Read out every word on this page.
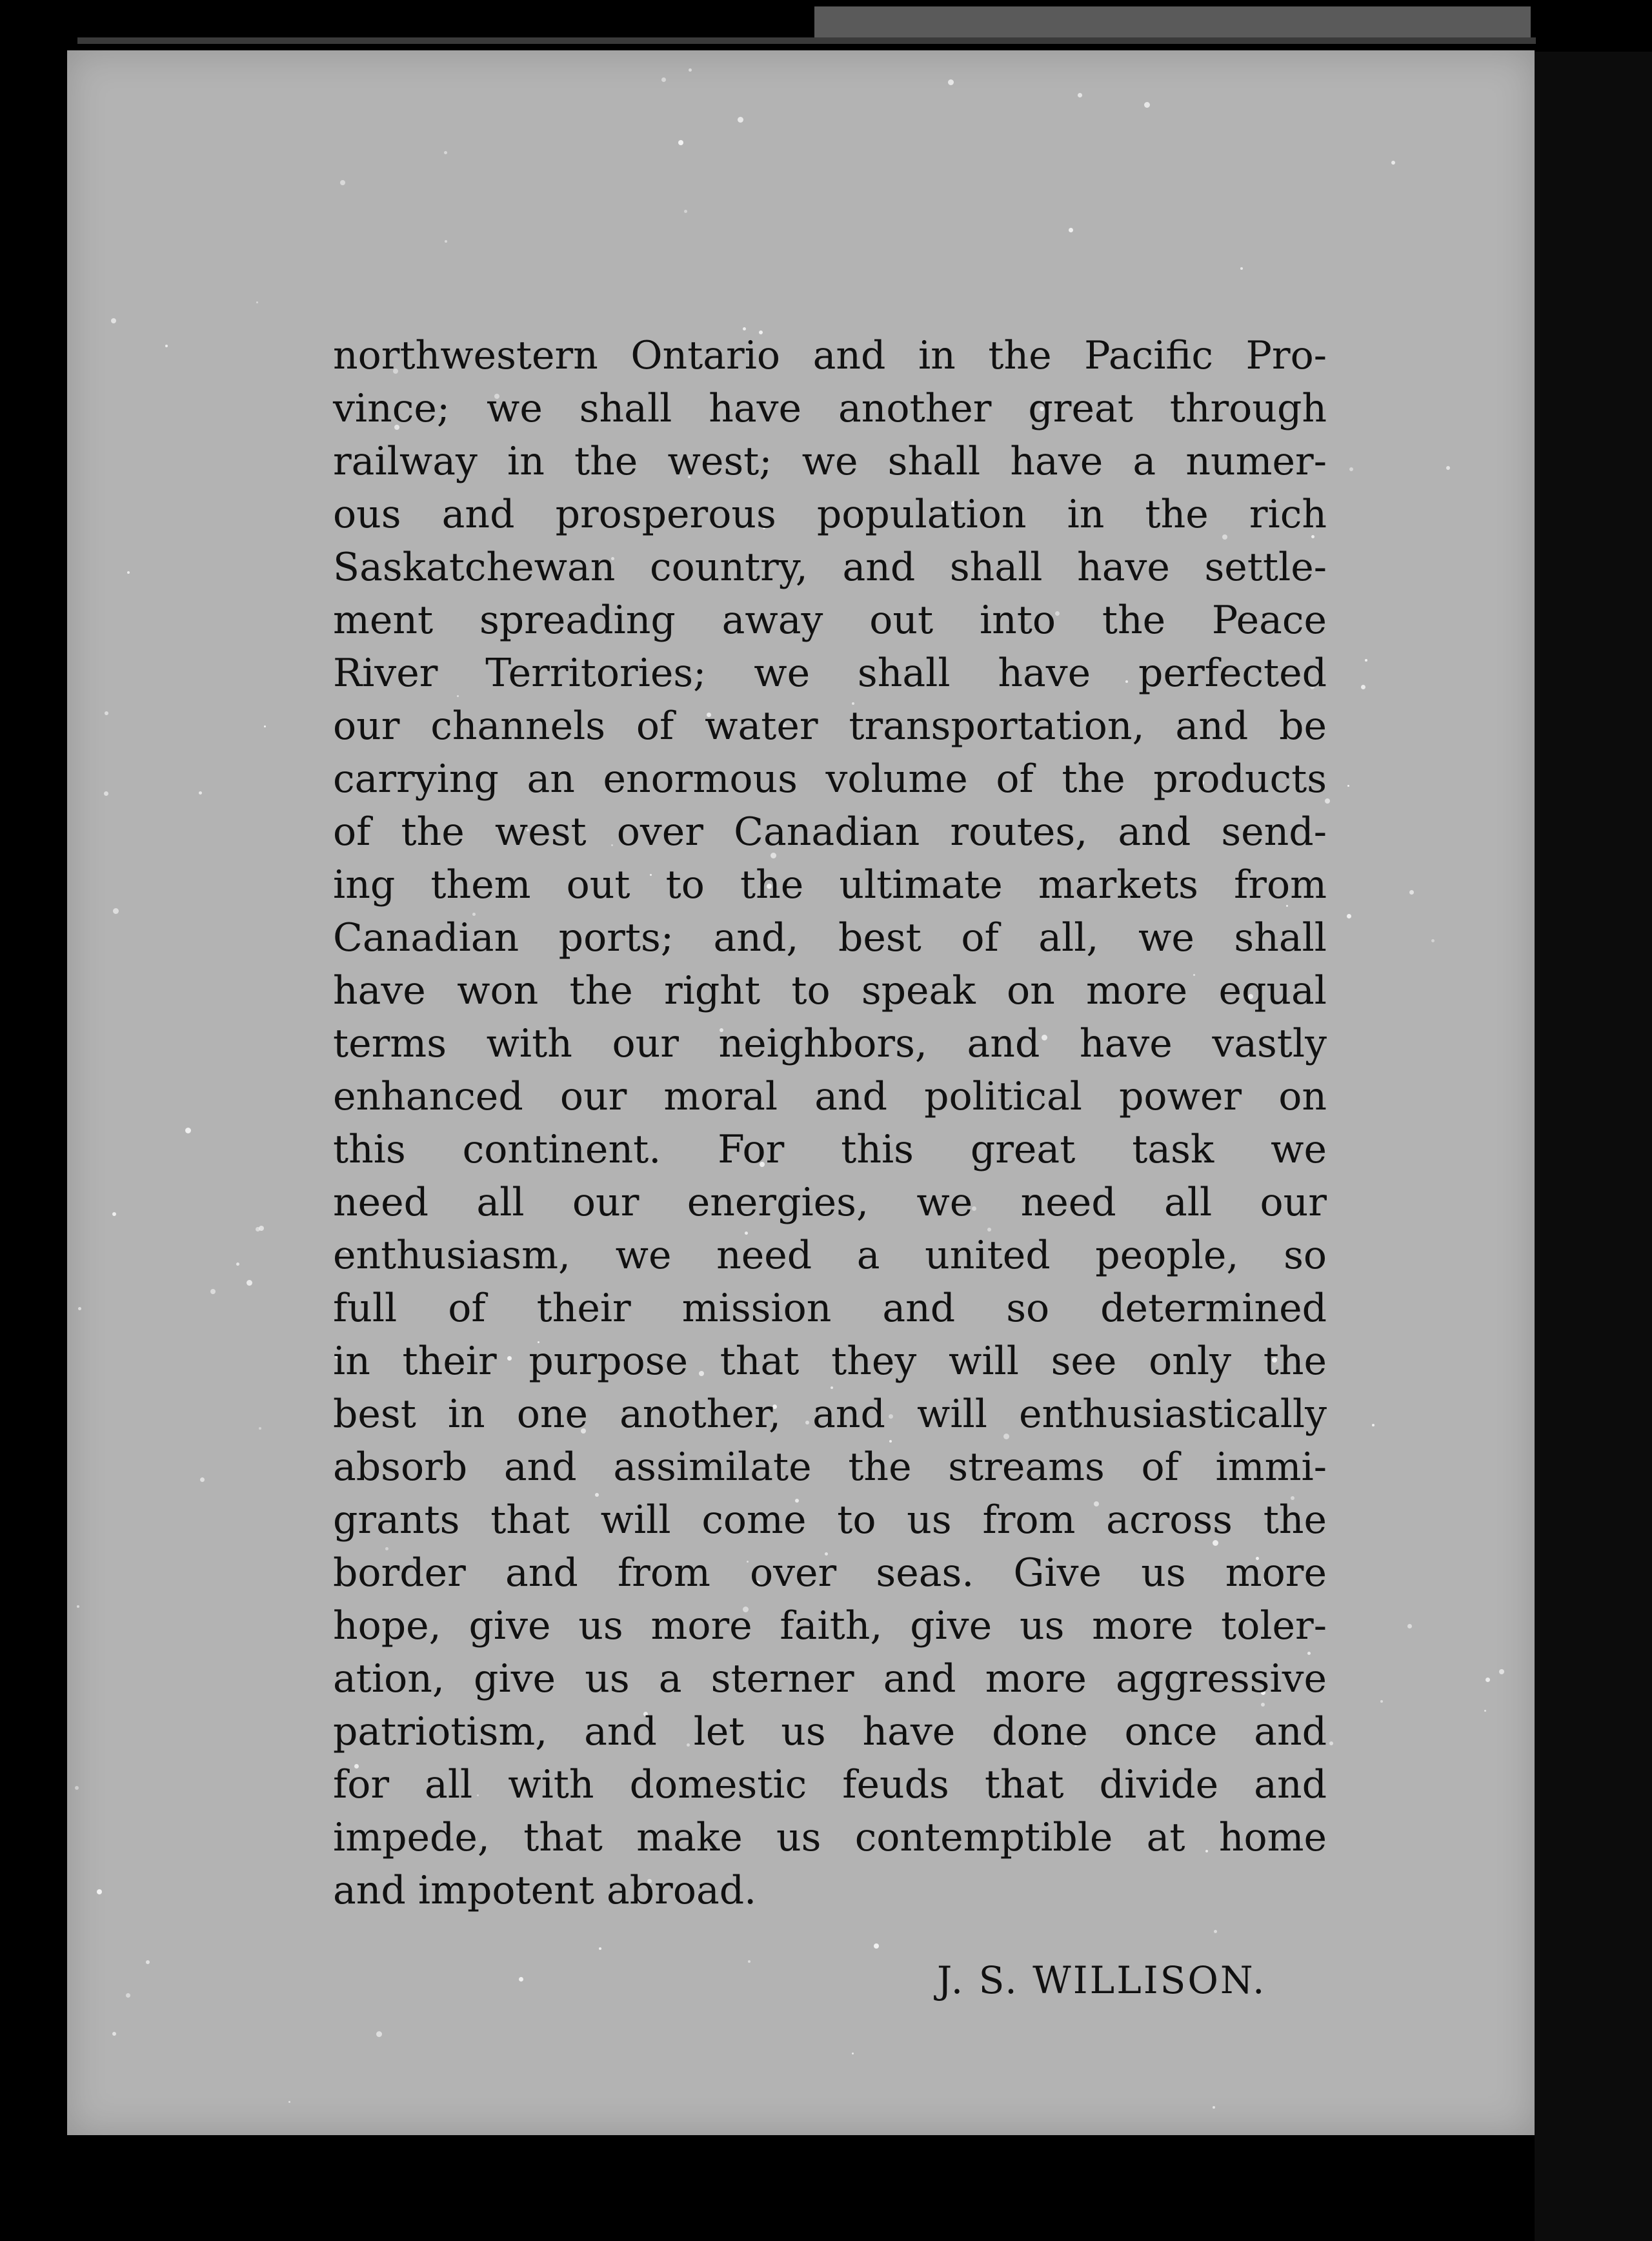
northwestern Ontario and in the Pacific Pro-
vince; we shall have another great through
railway in the west; we shall have a numer-
ous and prosperous population in the rich
Saskatchewan country, and shall have settle-
ment spreading away out into the Peace
River Territories; we shall have perfected
our channels of water transportation, and be
carrying an enormous volume of the products
of the west over Canadian routes, and send-
ing them out to the ultimate markets from
Canadian ports; and, best of all, we shall
have won the right to speak on more equal
terms with our neighbors, and have vastly
enhanced our moral and political power on
this continent. For this great task we
need all our energies, we need all our
enthusiasm, we need a united people, so
full of their mission and so determined
in their purpose that they will see only the
best in one another, and will enthusiastically
absorb and assimilate the streams of immi-
grants that will come to us from across the
border and from over seas. Give us more
hope, give us more faith, give us more toler-
ation, give us a sterner and more aggressive
patriotism, and let us have done once and
for all with domestic feuds that divide and
impede, that make us contemptible at home
and impotent abroad.
J. S. WILLISON.
